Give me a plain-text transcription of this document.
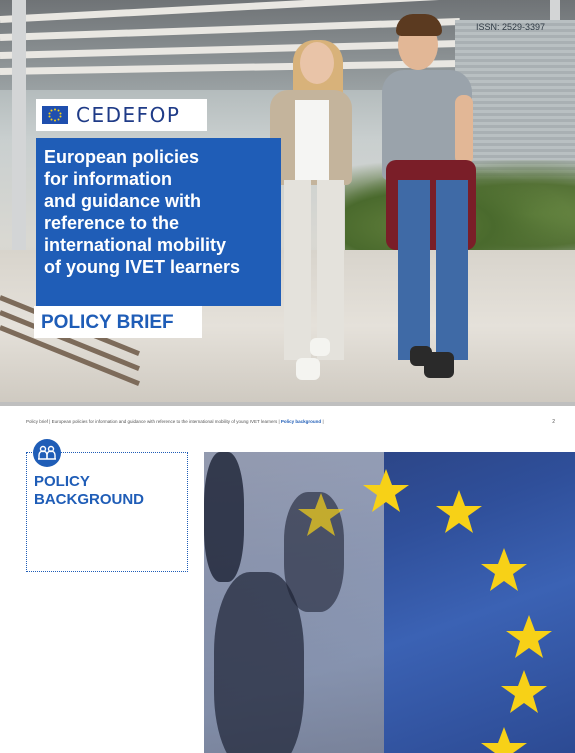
ISSN: 2529-3397
CEDEFOP

European policies
for information
and guidance with
reference to the
international mobility
of young IVET learners

POLICY BRIEF

Policy brief | European policies for information and guidance with reference to the international mobility of young IVET learners | Policy background |	2

POLICY
BACKGROUND
